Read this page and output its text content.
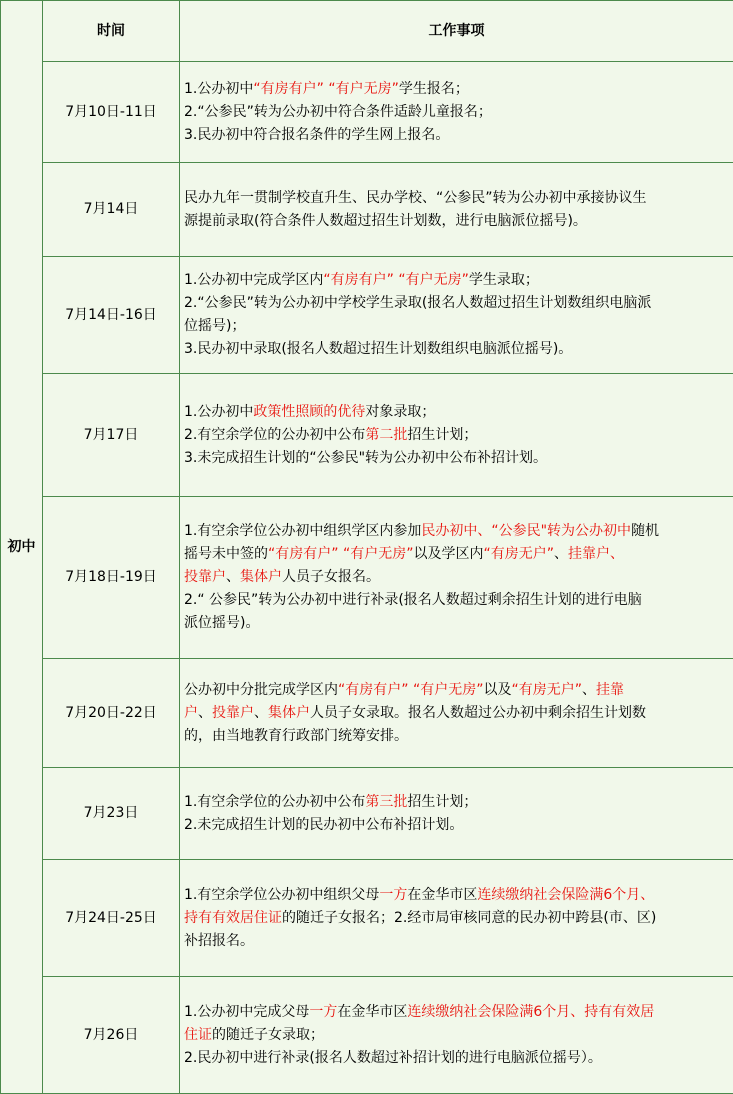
初中	时间	工作事项
	7月10日-11日	1.公办初中“有房有户” “有户无房”学生报名；
2.“公参民”转为公办初中符合条件适龄儿童报名；
3.民办初中符合报名条件的学生网上报名。

	7月14日	民办九年一贯制学校直升生、民办学校、“公参民”转为公办初中承接协议生
源提前录取(符合条件人数超过招生计划数，进行电脑派位摇号)。

	7月14日-16日	1.公办初中完成学区内“有房有户” “有户无房”学生录取；
2.“公参民”转为公办初中学校学生录取(报名人数超过招生计划数组织电脑派
位摇号)；
3.民办初中录取(报名人数超过招生计划数组织电脑派位摇号)。

	7月17日	1.公办初中政策性照顾的优待对象录取；
2.有空余学位的公办初中公布第二批招生计划；
3.未完成招生计划的“公参民"转为公办初中公布补招计划。

	7月18日-19日	1.有空余学位公办初中组织学区内参加民办初中、“公参民"转为公办初中随机
摇号未中签的“有房有户” “有户无房”以及学区内“有房无户”、挂靠户、
投靠户、集体户人员子女报名。
2.“ 公参民”转为公办初中进行补录(报名人数超过剩余招生计划的进行电脑
派位摇号)。

	7月20日-22日	公办初中分批完成学区内“有房有户” “有户无房”以及“有房无户”、挂靠
户、投靠户、集体户人员子女录取。报名人数超过公办初中剩余招生计划数
的，由当地教育行政部门统筹安排。

	7月23日	1.有空余学位的公办初中公布第三批招生计划；
2.未完成招生计划的民办初中公布补招计划。

	7月24日-25日	1.有空余学位公办初中组织父母一方在金华市区连续缴纳社会保险满6个月、
持有有效居住证的随迁子女报名；2.经市局审核同意的民办初中跨县(市、区)
补招报名。

	7月26日	1.公办初中完成父母一方在金华市区连续缴纳社会保险满6个月、持有有效居
住证的随迁子女录取；
2.民办初中进行补录(报名人数超过补招计划的进行电脑派位摇号）。
